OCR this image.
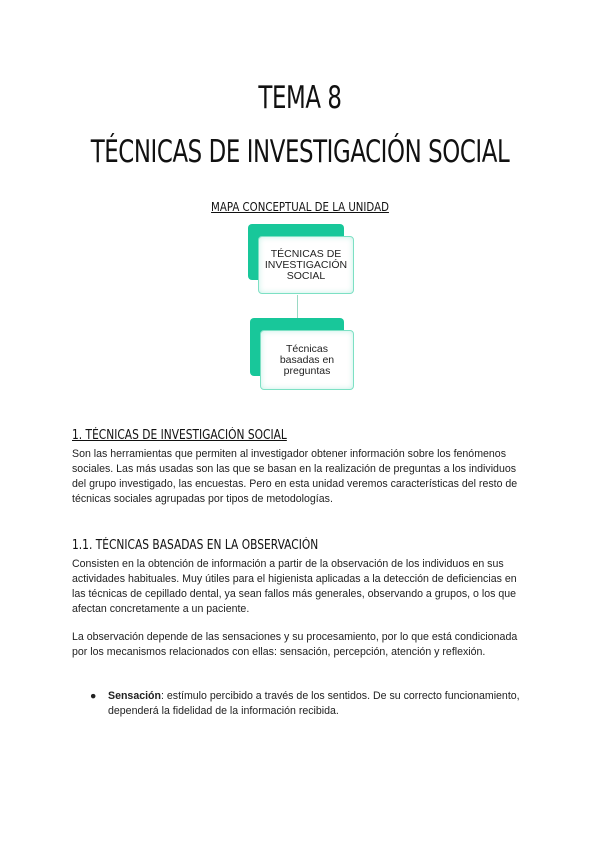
TEMA 8
TÉCNICAS DE INVESTIGACIÓN SOCIAL
MAPA CONCEPTUAL DE LA UNIDAD
TÉCNICAS DE INVESTIGACIÓN SOCIAL
Técnicas basadas en preguntas
1. TÉCNICAS DE INVESTIGACIÓN SOCIAL
Son las herramientas que permiten al investigador obtener información sobre los fenómenos sociales. Las más usadas son las que se basan en la realización de preguntas a los individuos del grupo investigado, las encuestas. Pero en esta unidad veremos características del resto de técnicas sociales agrupadas por tipos de metodologías.
1.1. TÉCNICAS BASADAS EN LA OBSERVACIÓN
Consisten en la obtención de información a partir de la observación de los individuos en sus actividades habituales. Muy útiles para el higienista aplicadas a la detección de deficiencias en las técnicas de cepillado dental, ya sean fallos más generales, observando a grupos, o los que afectan concretamente a un paciente.
La observación depende de las sensaciones y su procesamiento, por lo que está condicionada por los mecanismos relacionados con ellas: sensación, percepción, atención y reflexión.
● Sensación: estímulo percibido a través de los sentidos. De su correcto funcionamiento, dependerá la fidelidad de la información recibida.
